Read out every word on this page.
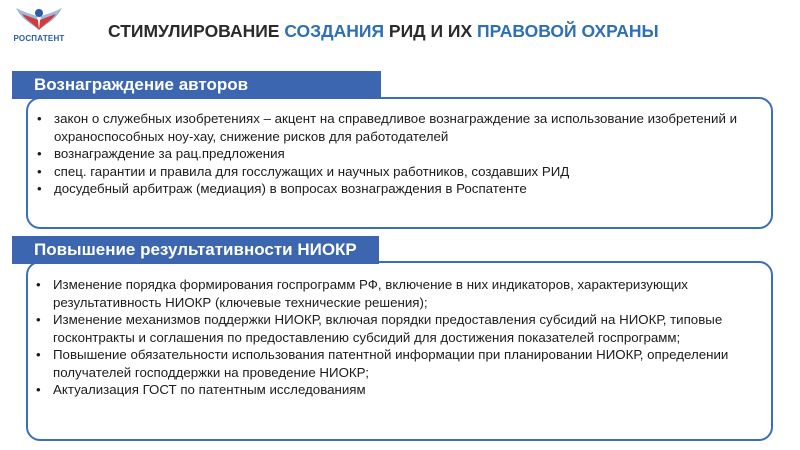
РОСПАТЕНТ	СТИМУЛИРОВАНИЕ СОЗДАНИЯ РИД И ИХ ПРАВОВОЙ ОХРАНЫ
Вознаграждение авторов
• закон о служебных изобретениях – акцент на справедливое вознаграждение за использование изобретений и охраноспособных ноу-хау, снижение рисков для работодателей
• вознаграждение за рац.предложения
• спец. гарантии и правила для госслужащих и научных работников, создавших РИД
• досудебный арбитраж (медиация) в вопросах вознаграждения в Роспатенте
Повышение результативности НИОКР
• Изменение порядка формирования госпрограмм РФ, включение в них индикаторов, характеризующих результативность НИОКР (ключевые технические решения);
• Изменение механизмов поддержки НИОКР, включая порядки предоставления субсидий на НИОКР, типовые госконтракты и соглашения по предоставлению субсидий для достижения показателей госпрограмм;
• Повышение обязательности использования патентной информации при планировании НИОКР, определении получателей господдержки на проведение НИОКР;
• Актуализация ГОСТ по патентным исследованиям
